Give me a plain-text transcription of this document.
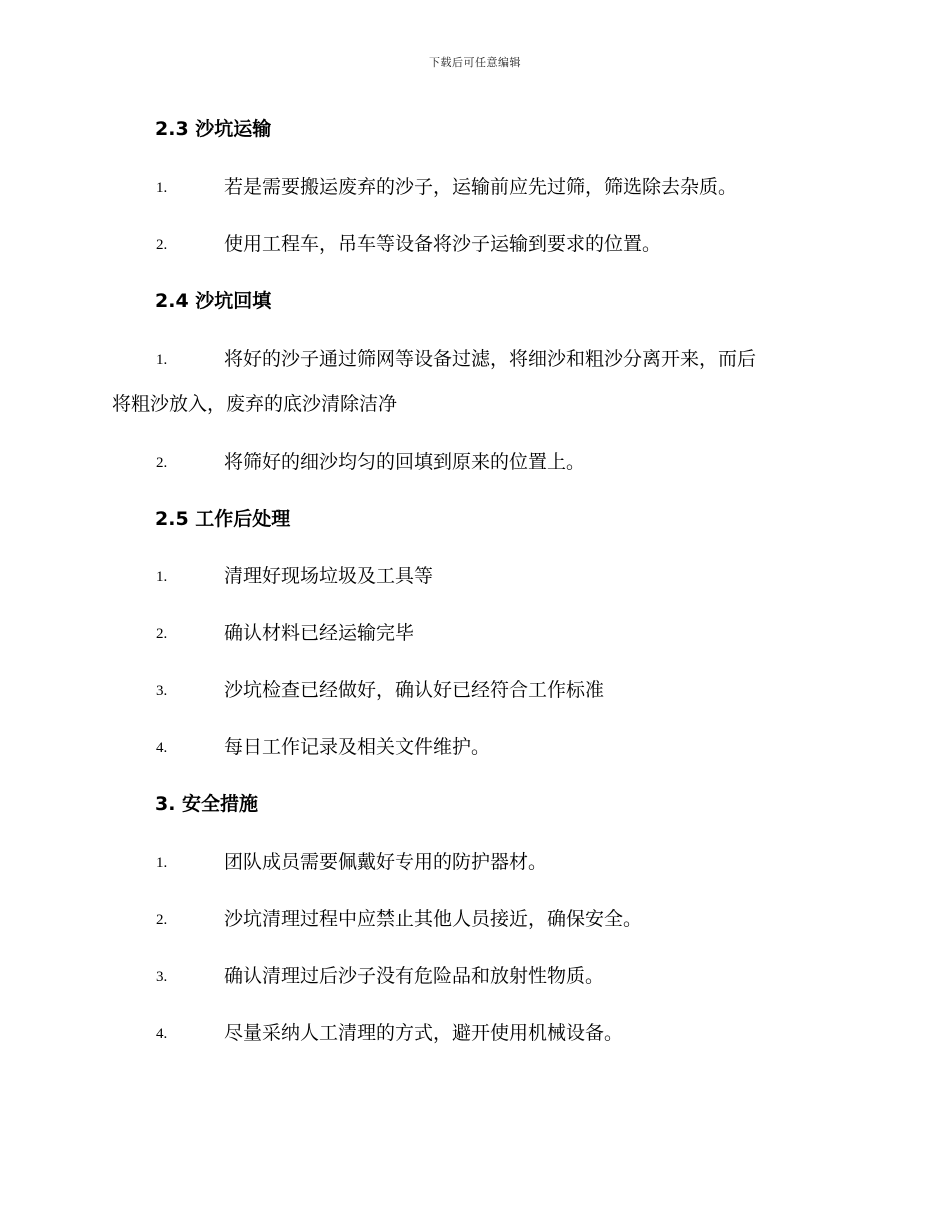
下载后可任意编辑
2.3 沙坑运输
1.	若是需要搬运废弃的沙子，运输前应先过筛，筛选除去杂质。
2.	使用工程车，吊车等设备将沙子运输到要求的位置。
2.4 沙坑回填
1.	将好的沙子通过筛网等设备过滤，将细沙和粗沙分离开来，而后
将粗沙放入，废弃的底沙清除洁净
2.	将筛好的细沙均匀的回填到原来的位置上。
2.5 工作后处理
1.	清理好现场垃圾及工具等
2.	确认材料已经运输完毕
3.	沙坑检查已经做好，确认好已经符合工作标准
4.	每日工作记录及相关文件维护。
3. 安全措施
1.	团队成员需要佩戴好专用的防护器材。
2.	沙坑清理过程中应禁止其他人员接近，确保安全。
3.	确认清理过后沙子没有危险品和放射性物质。
4.	尽量采纳人工清理的方式，避开使用机械设备。
